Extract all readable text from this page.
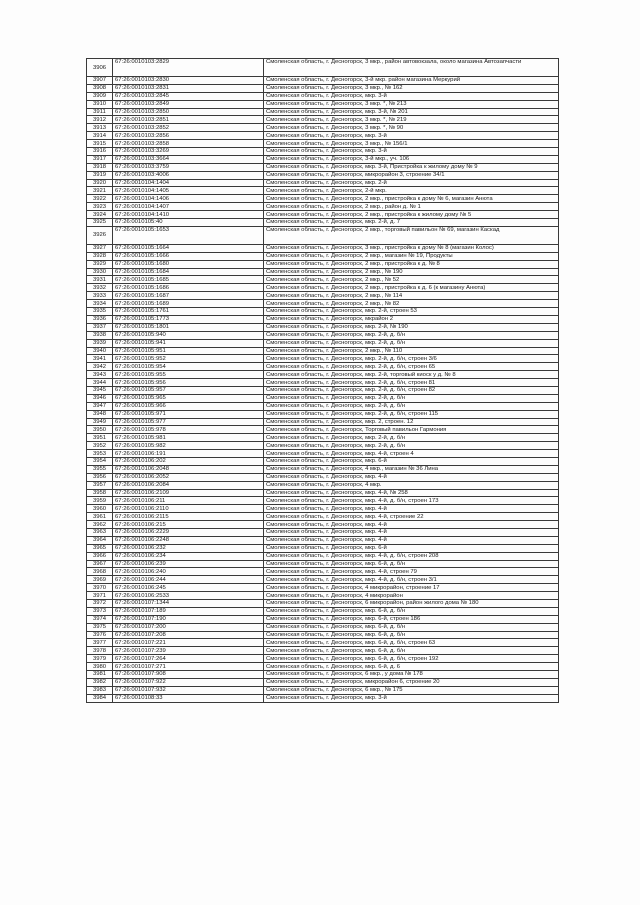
3906	67:26:0010103:2829	Смоленская область, г. Десногорск, 3 мкр., район автовокзала, около магазина Автозапчасти
3907	67:26:0010103:2830	Смоленская область, г. Десногорск, 3-й мкр. район магазина Меркурий
3908	67:26:0010103:2831	Смоленская область, г. Десногорск, 3 мкр., № 162
3909	67:26:0010103:2845	Смоленская область, г. Десногорск, мкр. 3-й
3910	67:26:0010103:2849	Смоленская область, г. Десногорск, 3 мкр. *, № 213
3911	67:26:0010103:2850	Смоленская область, г. Десногорск, мкр. 3-й, № 201
3912	67:26:0010103:2851	Смоленская область, г. Десногорск, 3 мкр. *, № 219
3913	67:26:0010103:2852	Смоленская область, г. Десногорск, 3 мкр. *, № 90
3914	67:26:0010103:2856	Смоленская область, г. Десногорск, мкр. 3-й
3915	67:26:0010103:2858	Смоленская область, г. Десногорск, 3 мкр., № 156/1
3916	67:26:0010103:3269	Смоленская область, г. Десногорск, мкр. 3-й
3917	67:26:0010103:3664	Смоленская область, г. Десногорск, 3-й мкр., уч. 106
3918	67:26:0010103:3759	Смоленская область, г. Десногорск, мкр. 3-й, Пристройка к жилому дому № 9
3919	67:26:0010103:4006	Смоленская область, г. Десногорск, микрорайон 3, строение 34/1
3920	67:26:0010104:1404	Смоленская область, г. Десногорск, мкр. 2-й
3921	67:26:0010104:1405	Смоленская область, г. Десногорск, 2-й мкр.
3922	67:26:0010104:1406	Смоленская область, г. Десногорск, 2 мкр., пристройка к дому № 6, магазин Анюта
3923	67:26:0010104:1407	Смоленская область, г. Десногорск, 2 мкр., район д. № 1
3924	67:26:0010104:1410	Смоленская область, г. Десногорск, 2 мкр., пристройка к жилому дому № 5
3925	67:26:0010105:40	Смоленская область, г. Десногорск, мкр. 2-й, д. 7
3926	67:26:0010105:1653	Смоленская область, г. Десногорск, 2 мкр., торговый павильон № 69, магазин Каскад
3927	67:26:0010105:1664	Смоленская область, г. Десногорск, 3 мкр., пристройка к дому № 8 (магазин Колос)
3928	67:26:0010105:1666	Смоленская область, г. Десногорск, 2 мкр., магазин № 19, Продукты
3929	67:26:0010105:1680	Смоленская область, г. Десногорск, 2 мкр., пристройка к д. № 8
3930	67:26:0010105:1684	Смоленская область, г. Десногорск, 2 мкр., № 190
3931	67:26:0010105:1685	Смоленская область, г. Десногорск, 2 мкр., № 52
3932	67:26:0010105:1686	Смоленская область, г. Десногорск, 2 мкр., пристройка к д. 6 (к магазину Анюта)
3933	67:26:0010105:1687	Смоленская область, г. Десногорск, 2 мкр., № 114
3934	67:26:0010105:1689	Смоленская область, г. Десногорск, 2 мкр., № 82
3935	67:26:0010105:1761	Смоленская область, г. Десногорск, мкр. 2-й, строен 53
3936	67:26:0010105:1773	Смоленская область, г. Десногорск, мкрайон 2
3937	67:26:0010105:1801	Смоленская область, г. Десногорск, мкр. 2-й, № 190
3938	67:26:0010105:940	Смоленская область, г. Десногорск, мкр. 2-й, д. б/н
3939	67:26:0010105:941	Смоленская область, г. Десногорск, мкр. 2-й, д. б/н
3940	67:26:0010105:951	Смоленская область, г. Десногорск, 2 мкр., № 110
3941	67:26:0010105:952	Смоленская область, г. Десногорск, мкр. 2-й, д. б/н, строен 3/6
3942	67:26:0010105:954	Смоленская область, г. Десногорск, мкр. 2-й, д. б/н, строен 65
3943	67:26:0010105:955	Смоленская область, г. Десногорск, мкр. 2-й, торговый киоск у д. № 8
3944	67:26:0010105:956	Смоленская область, г. Десногорск, мкр. 2-й, д. б/н, строен 81
3945	67:26:0010105:957	Смоленская область, г. Десногорск, мкр. 2-й, д. б/н, строен 82
3946	67:26:0010105:965	Смоленская область, г. Десногорск, мкр. 2-й, д. б/н
3947	67:26:0010105:966	Смоленская область, г. Десногорск, мкр. 2-й, д. б/н
3948	67:26:0010105:971	Смоленская область, г. Десногорск, мкр. 2-й, д. б/н, строен 115
3949	67:26:0010105:977	Смоленская область, г. Десногорск, мкр. 2, строен. 12
3950	67:26:0010105:978	Смоленская область, г. Десногорск, Торговый павильон Гармония
3951	67:26:0010105:981	Смоленская область, г. Десногорск, мкр. 2-й, д. б/н
3952	67:26:0010105:982	Смоленская область, г. Десногорск, мкр. 2-й, д. б/н
3953	67:26:0010106:191	Смоленская область, г. Десногорск, мкр. 4-й, строен 4
3954	67:26:0010106:202	Смоленская область, г. Десногорск, мкр. 6-й
3955	67:26:0010106:2048	Смоленская область, г. Десногорск, 4 мкр., магазин № 36 Лина
3956	67:26:0010106:2052	Смоленская область, г. Десногорск, мкр. 4-й
3957	67:26:0010106:2084	Смоленская область, г. Десногорск, 4 мкр.
3958	67:26:0010106:2109	Смоленская область, г. Десногорск, мкр. 4-й, № 258
3959	67:26:0010106:211	Смоленская область, г. Десногорск, мкр. 4-й, д. б/н, строен 173
3960	67:26:0010106:2110	Смоленская область, г. Десногорск, мкр. 4-й
3961	67:26:0010106:2115	Смоленская область, г. Десногорск, мкр. 4-й, строение 22
3962	67:26:0010106:215	Смоленская область, г. Десногорск, мкр. 4-й
3963	67:26:0010106:2229	Смоленская область, г. Десногорск, мкр. 4-й
3964	67:26:0010106:2248	Смоленская область, г. Десногорск, мкр. 4-й
3965	67:26:0010106:232	Смоленская область, г. Десногорск, мкр. 6-й
3966	67:26:0010106:234	Смоленская область, г. Десногорск, мкр. 4-й, д. б/н, строен 208
3967	67:26:0010106:239	Смоленская область, г. Десногорск, мкр. 6-й, д. б/н
3968	67:26:0010106:240	Смоленская область, г. Десногорск, мкр. 4-й, строен 79
3969	67:26:0010106:244	Смоленская область, г. Десногорск, мкр. 4-й, д. б/н, строен 3/1
3970	67:26:0010106:245	Смоленская область, г. Десногорск, 4 микрорайон, строение 17
3971	67:26:0010106:2533	Смоленская область, г. Десногорск, 4 микрорайон
3972	67:26:0010107:1344	Смоленская область, г. Десногорск, 6 микрорайон, район жилого дома № 180
3973	67:26:0010107:189	Смоленская область, г. Десногорск, мкр. 6-й, д. б/н
3974	67:26:0010107:190	Смоленская область, г. Десногорск, мкр. 6-й, строен 186
3975	67:26:0010107:200	Смоленская область, г. Десногорск, мкр. 6-й, д. б/н
3976	67:26:0010107:208	Смоленская область, г. Десногорск, мкр. 6-й, д. б/н
3977	67:26:0010107:221	Смоленская область, г. Десногорск, мкр. 6-й, д. б/н, строен 63
3978	67:26:0010107:239	Смоленская область, г. Десногорск, мкр. 6-й, д. б/н
3979	67:26:0010107:264	Смоленская область, г. Десногорск, мкр. 6-й, д. б/н, строен 192
3980	67:26:0010107:271	Смоленская область, г. Десногорск, мкр. 6-й, д. 6
3981	67:26:0010107:908	Смоленская область, г. Десногорск, 6 мкр., у дома № 178
3982	67:26:0010107:922	Смоленская область, г. Десногорск, микрорайон 6, строение 20
3983	67:26:0010107:932	Смоленская область, г. Десногорск, 6 мкр., № 175
3984	67:26:0010108:33	Смоленская область, г. Десногорск, мкр. 3-й
